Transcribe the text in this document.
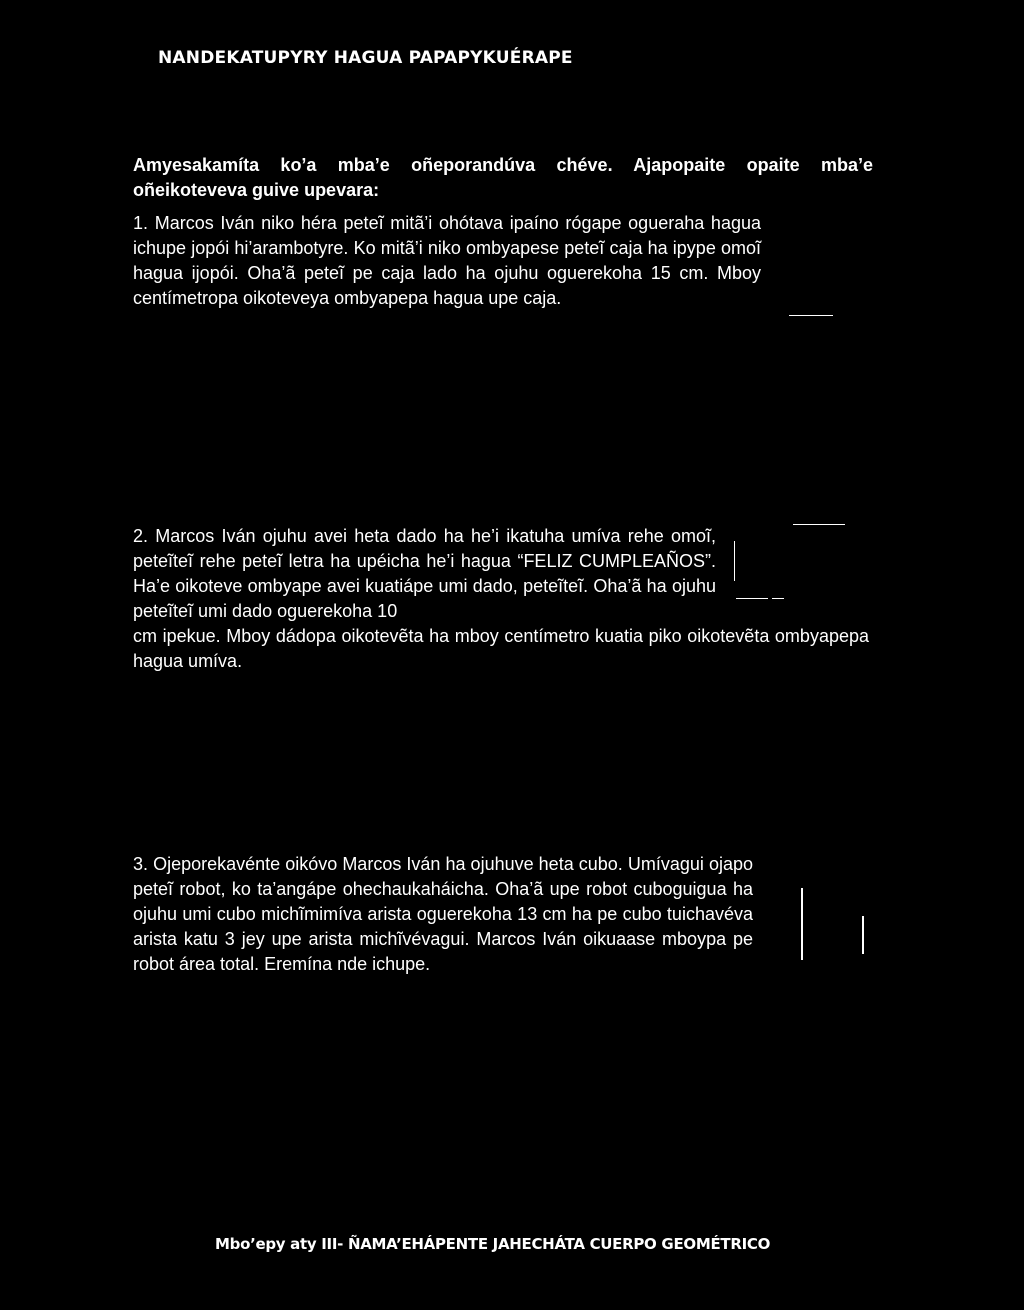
NANDEKATUPYRY HAGUA PAPAPYKUÉRAPE
Amyesakamíta ko’a mba’e oñeporandúva chéve. Ajapopaite opaite mba’e oñeikoteveva guive upevara:
1. Marcos Iván niko héra peteĩ mitã’i ohótava ipaíno rógape ogueraha hagua ichupe jopói hi’arambotyre. Ko mitã’i niko ombyapese peteĩ caja ha ipype omoĩ hagua ijopói. Oha’ã peteĩ pe caja lado ha ojuhu oguerekoha 15 cm. Mboy centímetropa oikoteveya ombyapepa hagua upe caja.
2. Marcos Iván ojuhu avei heta dado ha he’i ikatuha umíva rehe omoĩ, peteĩteĩ rehe peteĩ letra ha upéicha he’i hagua “FELIZ CUMPLEAÑOS”. Ha’e oikoteve ombyape avei kuatiápe umi dado, peteĩteĩ. Oha’ã ha ojuhu peteĩteĩ umi dado oguerekoha 10
cm ipekue. Mboy dádopa oikotevẽta ha mboy centímetro kuatia piko oikotevẽta ombyapepa hagua umíva.
3. Ojeporekavénte oikóvo Marcos Iván ha ojuhuve heta cubo. Umívagui ojapo peteĩ robot, ko ta’angápe ohechaukaháicha. Oha’ã upe robot cuboguigua ha ojuhu umi cubo michĩmimíva arista oguerekoha 13 cm ha pe cubo tuichavéva arista katu 3 jey upe arista michĩvévagui. Marcos Iván oikuaase mboypa pe robot área total. Eremína nde ichupe.
Mbo’epy aty III- ÑAMA’EHÁPENTE JAHECHÁTA CUERPO GEOMÉTRICO
